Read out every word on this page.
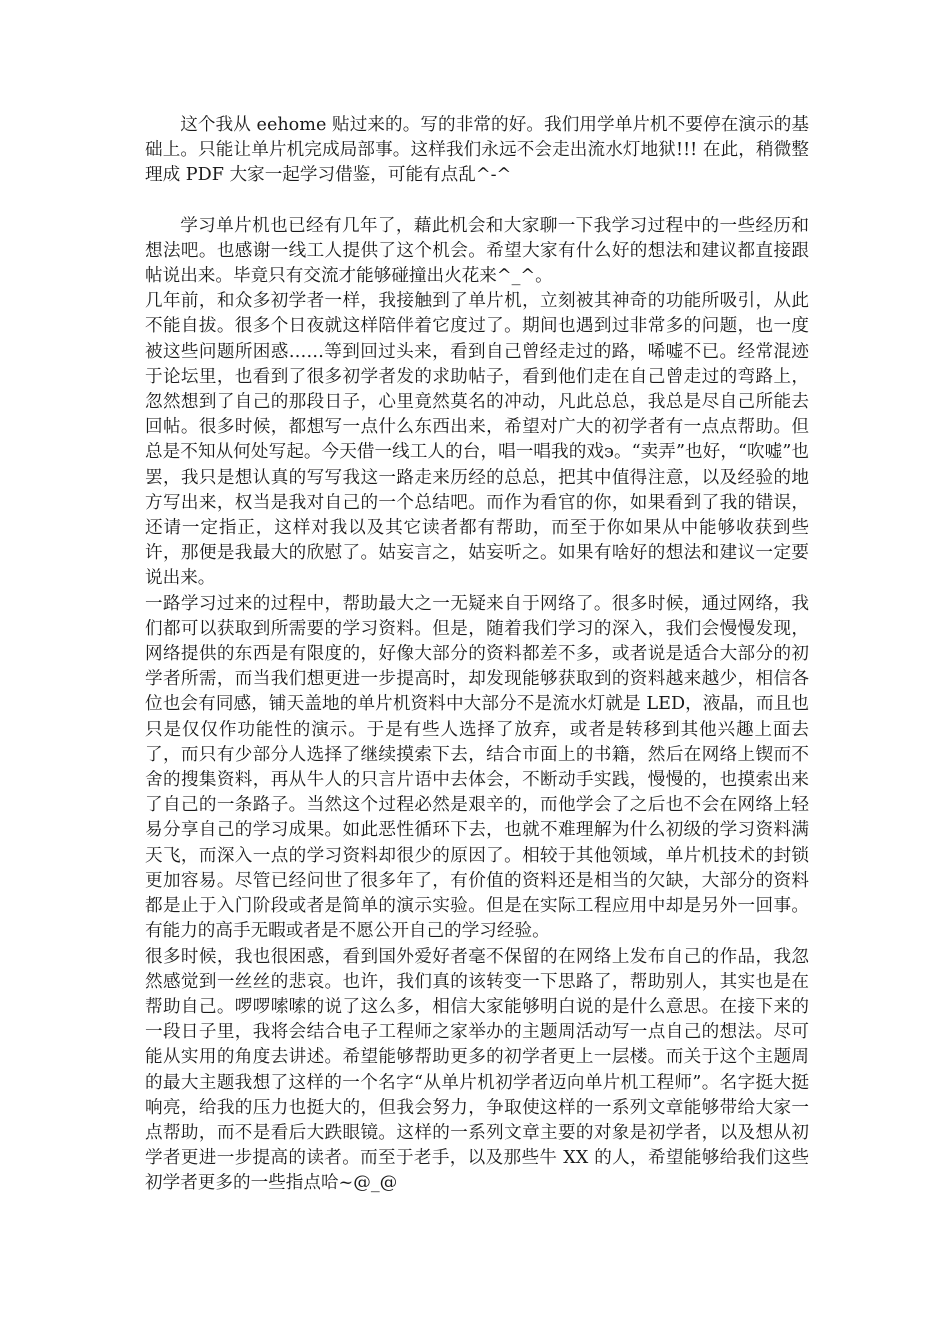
这个我从 eehome 贴过来的。写的非常的好。我们用学单片机不要停在演示的基础上。只能让单片机完成局部事。这样我们永远不会走出流水灯地狱!!! 在此，稍微整理成 PDF 大家一起学习借鉴，可能有点乱^-^

学习单片机也已经有几年了，藉此机会和大家聊一下我学习过程中的一些经历和想法吧。也感谢一线工人提供了这个机会。希望大家有什么好的想法和建议都直接跟帖说出来。毕竟只有交流才能够碰撞出火花来^_^。

几年前，和众多初学者一样，我接触到了单片机，立刻被其神奇的功能所吸引，从此不能自拔。很多个日夜就这样陪伴着它度过了。期间也遇到过非常多的问题，也一度被这些问题所困惑……等到回过头来，看到自己曾经走过的路，唏嘘不已。经常混迹于论坛里，也看到了很多初学者发的求助帖子，看到他们走在自己曾走过的弯路上，忽然想到了自己的那段日子，心里竟然莫名的冲动，凡此总总，我总是尽自己所能去回帖。很多时候，都想写一点什么东西出来，希望对广大的初学者有一点点帮助。但总是不知从何处写起。今天借一线工人的台，唱一唱我的戏϶。“卖弄”也好，“吹嘘”也罢，我只是想认真的写写我这一路走来历经的总总，把其中值得注意，以及经验的地方写出来，权当是我对自己的一个总结吧。而作为看官的你，如果看到了我的错误，还请一定指正，这样对我以及其它读者都有帮助，而至于你如果从中能够收获到些许，那便是我最大的欣慰了。姑妄言之，姑妄听之。如果有啥好的想法和建议一定要说出来。

一路学习过来的过程中，帮助最大之一无疑来自于网络了。很多时候，通过网络，我们都可以获取到所需要的学习资料。但是，随着我们学习的深入，我们会慢慢发现，网络提供的东西是有限度的，好像大部分的资料都差不多，或者说是适合大部分的初学者所需，而当我们想更进一步提高时，却发现能够获取到的资料越来越少，相信各位也会有同感，铺天盖地的单片机资料中大部分不是流水灯就是 LED，液晶，而且也只是仅仅作功能性的演示。于是有些人选择了放弃，或者是转移到其他兴趣上面去了，而只有少部分人选择了继续摸索下去，结合市面上的书籍，然后在网络上锲而不舍的搜集资料，再从牛人的只言片语中去体会，不断动手实践，慢慢的，也摸索出来了自己的一条路子。当然这个过程必然是艰辛的，而他学会了之后也不会在网络上轻易分享自己的学习成果。如此恶性循环下去，也就不难理解为什么初级的学习资料满天飞，而深入一点的学习资料却很少的原因了。相较于其他领域，单片机技术的封锁更加容易。尽管已经问世了很多年了，有价值的资料还是相当的欠缺，大部分的资料都是止于入门阶段或者是简单的演示实验。但是在实际工程应用中却是另外一回事。有能力的高手无暇或者是不愿公开自己的学习经验。

很多时候，我也很困惑，看到国外爱好者毫不保留的在网络上发布自己的作品，我忽然感觉到一丝丝的悲哀。也许，我们真的该转变一下思路了，帮助别人，其实也是在帮助自己。啰啰嗦嗦的说了这么多，相信大家能够明白说的是什么意思。在接下来的一段日子里，我将会结合电子工程师之家举办的主题周活动写一点自己的想法。尽可能从实用的角度去讲述。希望能够帮助更多的初学者更上一层楼。而关于这个主题周的最大主题我想了这样的一个名字“从单片机初学者迈向单片机工程师”。名字挺大挺响亮，给我的压力也挺大的，但我会努力，争取使这样的一系列文章能够带给大家一点帮助，而不是看后大跌眼镜。这样的一系列文章主要的对象是初学者，以及想从初学者更进一步提高的读者。而至于老手，以及那些牛 XX 的人，希望能够给我们这些初学者更多的一些指点哈~@_@
